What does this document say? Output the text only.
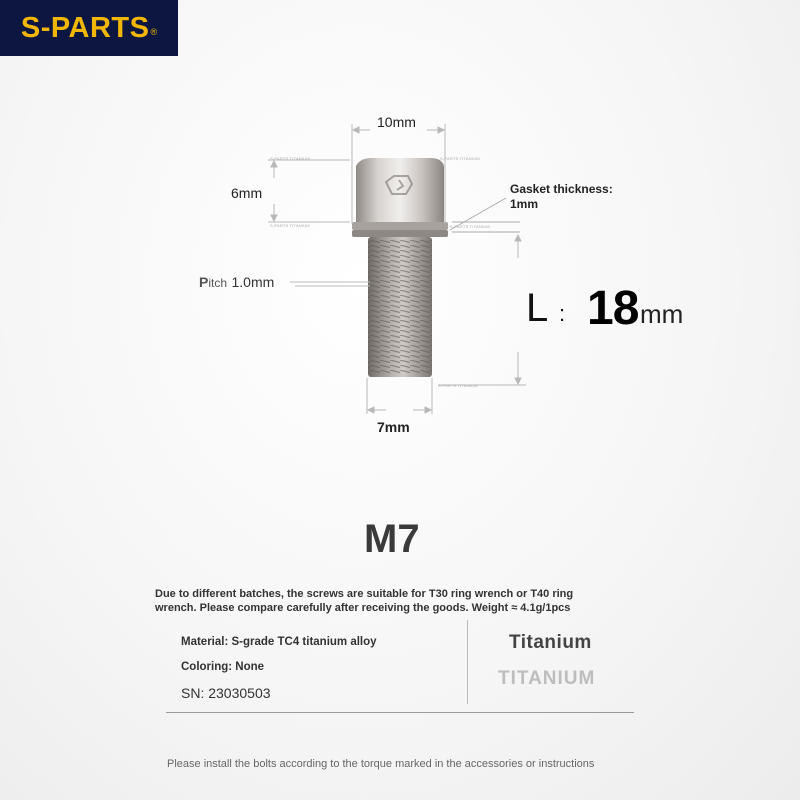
S-PARTS ®
S-PARTS TITANIUM	S-PARTS TITANIUM
S-PARTS TITANIUM	S-PARTS TITANIUM
S-PARTS TITANIUM
10mm
6mm	Gasket thickness:
1mm
Pitch 1.0mm
7mm
L : 18 mm
M7
Due to different batches, the screws are suitable for T30 ring wrench or T40 ring wrench. Please compare carefully after receiving the goods. Weight ≈ 4.1g/1pcs
Material: S-grade TC4 titanium alloy
Coloring: None
SN: 23030503
Titanium
TITANIUM
Please install the bolts according to the torque marked in the accessories or instructions
